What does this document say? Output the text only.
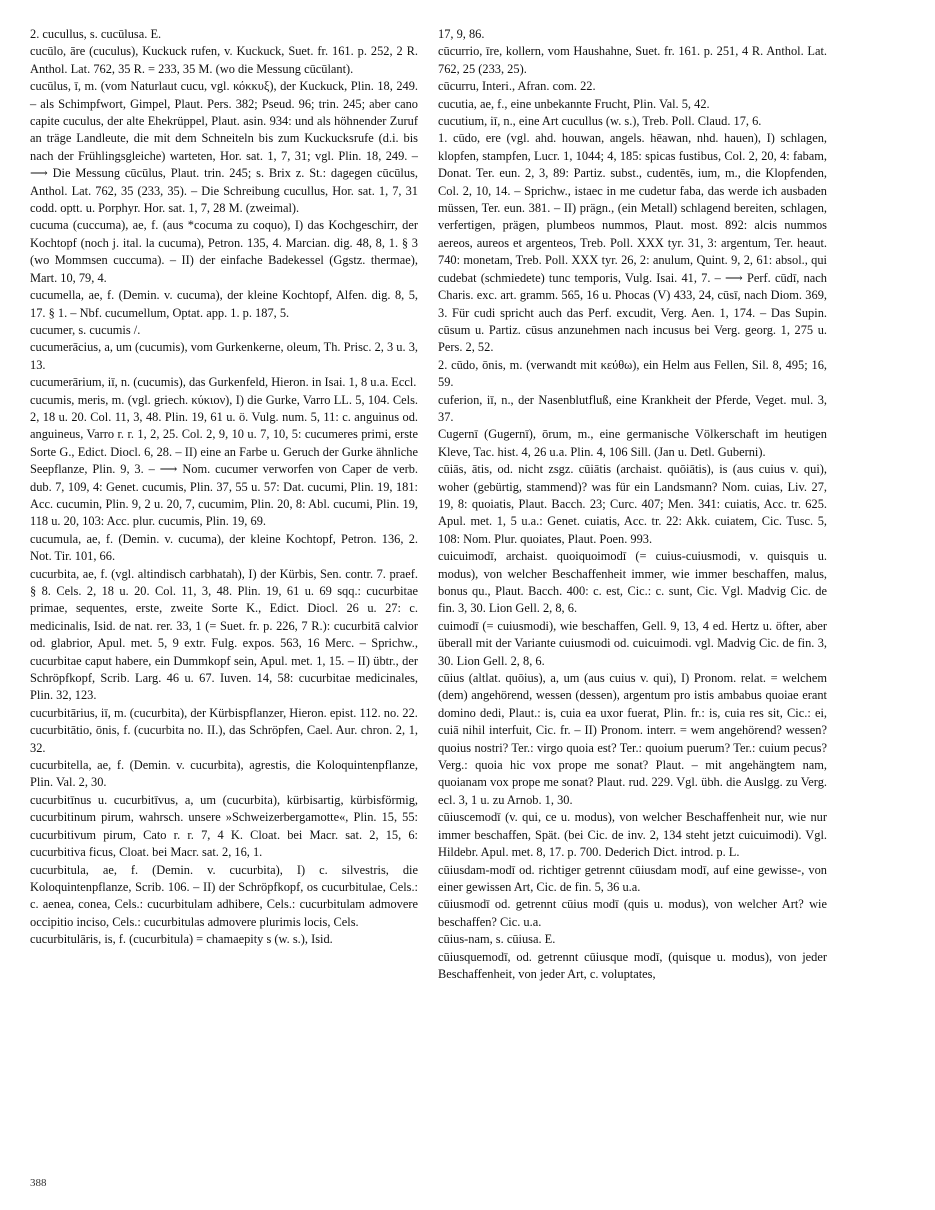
2. cucullus, s. cucūlusa. E.

cucūlo, āre (cuculus), Kuckuck rufen, v. Kuckuck, Suet. fr. 161. p. 252, 2 R. Anthol. Lat. 762, 35 R. = 233, 35 M. (wo die Messung cūcūlant).

cucūlus, ī, m. (vom Naturlaut cucu, vgl. κόκκυξ), der Kuckuck, Plin. 18, 249. – als Schimpfwort, Gimpel, Plaut. Pers. 382; Pseud. 96; trin. 245; aber cano capite cuculus, der alte Ehekrüppel, Plaut. asin. 934: und als höhnender Zuruf an träge Landleute, die mit dem Schneiteln bis zum Kuckucksrufe (d.i. bis nach der Frühlingsgleiche) warteten, Hor. sat. 1, 7, 31; vgl. Plin. 18, 249. – ⟶ Die Messung cūcūlus, Plaut. trin. 245; s. Brix z. St.: dagegen cūcūlus, Anthol. Lat. 762, 35 (233, 35). – Die Schreibung cucullus, Hor. sat. 1, 7, 31 codd. optt. u. Porphyr. Hor. sat. 1, 7, 28 M. (zweimal).

cucuma (cuccuma), ae, f. (aus *cocuma zu coquo), I) das Kochgeschirr, der Kochtopf (noch j. ital. la cucuma), Petron. 135, 4. Marcian. dig. 48, 8, 1. § 3 (wo Mommsen cuccuma). – II) der einfache Badekessel (Ggstz. thermae), Mart. 10, 79, 4.

cucumella, ae, f. (Demin. v. cucuma), der kleine Kochtopf, Alfen. dig. 8, 5, 17. § 1. – Nbf. cucumellum, Optat. app. 1. p. 187, 5.

cucumer, s. cucumis /.

cucumerācius, a, um (cucumis), vom Gurkenkerne, oleum, Th. Prisc. 2, 3 u. 3, 13.

cucumerārium, iī, n. (cucumis), das Gurkenfeld, Hieron. in Isai. 1, 8 u.a. Eccl.

cucumis, meris, m. (vgl. griech. κύκιον), I) die Gurke, Varro LL. 5, 104. Cels. 2, 18 u. 20. Col. 11, 3, 48. Plin. 19, 61 u. ö. Vulg. num. 5, 11: c. anguinus od. anguineus, Varro r. r. 1, 2, 25. Col. 2, 9, 10 u. 7, 10, 5: cucumeres primi, erste Sorte G., Edict. Diocl. 6, 28. – II) eine an Farbe u. Geruch der Gurke ähnliche Seepflanze, Plin. 9, 3. – ⟶ Nom. cucumer verworfen von Caper de verb. dub. 7, 109, 4: Genet. cucumis, Plin. 37, 55 u. 57: Dat. cucumi, Plin. 19, 181: Acc. cucumin, Plin. 9, 2 u. 20, 7, cucumim, Plin. 20, 8: Abl. cucumi, Plin. 19, 118 u. 20, 103: Acc. plur. cucumis, Plin. 19, 69.

cucumula, ae, f. (Demin. v. cucuma), der kleine Kochtopf, Petron. 136, 2. Not. Tir. 101, 66.

cucurbita, ae, f. (vgl. altindisch carbhatah), I) der Kürbis, Sen. contr. 7. praef. § 8. Cels. 2, 18 u. 20. Col. 11, 3, 48. Plin. 19, 61 u. 69 sqq.: cucurbitae primae, sequentes, erste, zweite Sorte K., Edict. Diocl. 26 u. 27: c. medicinalis, Isid. de nat. rer. 33, 1 (= Suet. fr. p. 226, 7 R.): cucurbitā calvior od. glabrior, Apul. met. 5, 9 extr. Fulg. expos. 563, 16 Merc. – Sprichw., cucurbitae caput habere, ein Dummkopf sein, Apul. met. 1, 15. – II) übtr., der Schröpfkopf, Scrib. Larg. 46 u. 67. Iuven. 14, 58: cucurbitae medicinales, Plin. 32, 123.

cucurbitārius, iī, m. (cucurbita), der Kürbispflanzer, Hieron. epist. 112. no. 22.

cucurbitātio, ōnis, f. (cucurbita no. II.), das Schröpfen, Cael. Aur. chron. 2, 1, 32.

cucurbitella, ae, f. (Demin. v. cucurbita), agrestis, die Koloquintenpflanze, Plin. Val. 2, 30.

cucurbitīnus u. cucurbitīvus, a, um (cucurbita), kürbisartig, kürbisförmig, cucurbitinum pirum, wahrsch. unsere »Schweizerbergamotte«, Plin. 15, 55: cucurbitivum pirum, Cato r. r. 7, 4 K. Cloat. bei Macr. sat. 2, 15, 6: cucurbitiva ficus, Cloat. bei Macr. sat. 2, 16, 1.

cucurbitula, ae, f. (Demin. v. cucurbita), I) c. silvestris, die Koloquintenpflanze, Scrib. 106. – II) der Schröpfkopf, os cucurbitulae, Cels.: c. aenea, conea, Cels.: cucurbitulam adhibere, Cels.: cucurbitulam admovere occipitio inciso, Cels.: cucurbitulas admovere plurimis locis, Cels.

cucurbitulāris, is, f. (cucurbitula) = chamaepity s (w. s.), Isid.

17, 9, 86.

cūcurrio, īre, kollern, vom Haushahne, Suet. fr. 161. p. 251, 4 R. Anthol. Lat. 762, 25 (233, 25).

cūcurru, Interi., Afran. com. 22.

cucutia, ae, f., eine unbekannte Frucht, Plin. Val. 5, 42.

cucutium, iī, n., eine Art cucullus (w. s.), Treb. Poll. Claud. 17, 6.

1. cūdo, ere (vgl. ahd. houwan, angels. hēawan, nhd. hauen), I) schlagen, klopfen, stampfen, Lucr. 1, 1044; 4, 185: spicas fustibus, Col. 2, 20, 4: fabam, Donat. Ter. eun. 2, 3, 89: Partiz. subst., cudentēs, ium, m., die Klopfenden, Col. 2, 10, 14. – Sprichw., istaec in me cudetur faba, das werde ich ausbaden müssen, Ter. eun. 381. – II) prägn., (ein Metall) schlagend bereiten, schlagen, verfertigen, prägen, plumbeos nummos, Plaut. most. 892: alcis nummos aereos, aureos et argenteos, Treb. Poll. XXX tyr. 31, 3: argentum, Ter. heaut. 740: monetam, Treb. Poll. XXX tyr. 26, 2: anulum, Quint. 9, 2, 61: absol., qui cudebat (schmiedete) tunc temporis, Vulg. Isai. 41, 7. – ⟶ Perf. cūdī, nach Charis. exc. art. gramm. 565, 16 u. Phocas (V) 433, 24, cūsī, nach Diom. 369, 3. Für cudi spricht auch das Perf. excudit, Verg. Aen. 1, 174. – Das Supin. cūsum u. Partiz. cūsus anzunehmen nach incusus bei Verg. georg. 1, 275 u. Pers. 2, 52.

2. cūdo, ōnis, m. (verwandt mit κεύθω), ein Helm aus Fellen, Sil. 8, 495; 16, 59.

cuferion, iī, n., der Nasenblutfluß, eine Krankheit der Pferde, Veget. mul. 3, 37.

Cugernī (Gugernī), ōrum, m., eine germanische Völkerschaft im heutigen Kleve, Tac. hist. 4, 26 u.a. Plin. 4, 106 Sill. (Jan u. Detl. Guberni).

cūiās, ātis, od. nicht zsgz. cūiātis (archaist. quōiātis), is (aus cuius v. qui), woher (gebürtig, stammend)? was für ein Landsmann? Nom. cuias, Liv. 27, 19, 8: quoiatis, Plaut. Bacch. 23; Curc. 407; Men. 341: cuiatis, Acc. tr. 625. Apul. met. 1, 5 u.a.: Genet. cuiatis, Acc. tr. 22: Akk. cuiatem, Cic. Tusc. 5, 108: Nom. Plur. quoiates, Plaut. Poen. 993.

cuicuimodī, archaist. quoiquoimodī (= cuius-cuiusmodi, v. quisquis u. modus), von welcher Beschaffenheit immer, wie immer beschaffen, malus, bonus qu., Plaut. Bacch. 400: c. est, Cic.: c. sunt, Cic. Vgl. Madvig Cic. de fin. 3, 30. Lion Gell. 2, 8, 6.

cuimodī (= cuiusmodi), wie beschaffen, Gell. 9, 13, 4 ed. Hertz u. öfter, aber überall mit der Variante cuiusmodi od. cuicuimodi. vgl. Madvig Cic. de fin. 3, 30. Lion Gell. 2, 8, 6.

cūius (altlat. quōius), a, um (aus cuius v. qui), I) Pronom. relat. = welchem (dem) angehörend, wessen (dessen), argentum pro istis ambabus quoiae erant domino dedi, Plaut.: is, cuia ea uxor fuerat, Plin. fr.: is, cuia res sit, Cic.: ei, cuiā nihil interfuit, Cic. fr. – II) Pronom. interr. = wem angehörend? wessen? quoius nostri? Ter.: virgo quoia est? Ter.: quoium puerum? Ter.: cuium pecus? Verg.: quoia hic vox prope me sonat? Plaut. – mit angehängtem nam, quoianam vox prope me sonat? Plaut. rud. 229. Vgl. übh. die Auslgg. zu Verg. ecl. 3, 1 u. zu Arnob. 1, 30.

cūiuscemodī (v. qui, ce u. modus), von welcher Beschaffenheit nur, wie nur immer beschaffen, Spät. (bei Cic. de inv. 2, 134 steht jetzt cuicuimodi). Vgl. Hildebr. Apul. met. 8, 17. p. 700. Dederich Dict. introd. p. L.

cūiusdam-modī od. richtiger getrennt cūiusdam modī, auf eine gewisse-, von einer gewissen Art, Cic. de fin. 5, 36 u.a.

cūiusmodī od. getrennt cūius modī (quis u. modus), von welcher Art? wie beschaffen? Cic. u.a.

cūius-nam, s. cūiusa. E.

cūiusquemodī, od. getrennt cūiusque modī, (quisque u. modus), von jeder Beschaffenheit, von jeder Art, c. voluptates,

388
